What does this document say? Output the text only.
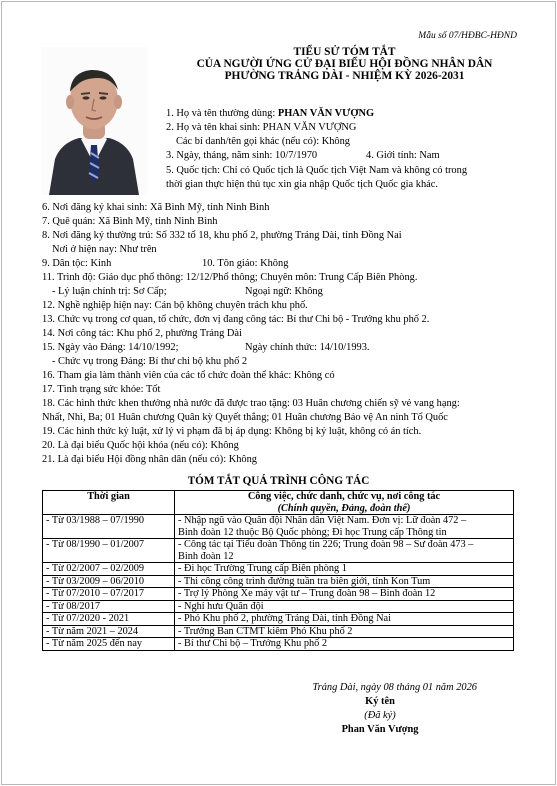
Mẫu số 07/HĐBC-HĐND
TIỂU SỬ TÓM TẮT
CỦA NGƯỜI ỨNG CỬ ĐẠI BIỂU HỘI ĐỒNG NHÂN DÂN
PHƯỜNG TRẢNG DÀI - NHIỆM KỲ 2026-2031
1. Họ và tên thường dùng: PHAN VĂN VƯỢNG
2. Họ và tên khai sinh: PHAN VĂN VƯỢNG
Các bí danh/tên gọi khác (nếu có): Không
3. Ngày, tháng, năm sinh: 10/7/1970	4. Giới tính: Nam
5. Quốc tịch: Chỉ có Quốc tịch là Quốc tịch Việt Nam và không có trong
thời gian thực hiện thủ tục xin gia nhập Quốc tịch Quốc gia khác.
6. Nơi đăng ký khai sinh: Xã Bình Mỹ, tỉnh Ninh Bình
7. Quê quán: Xã Bình Mỹ, tỉnh Ninh Bình
8. Nơi đăng ký thường trú: Số 332 tổ 18, khu phố 2, phường Trảng Dài, tỉnh Đồng Nai
Nơi ở hiện nay: Như trên
9. Dân tộc: Kinh	10. Tôn giáo: Không
11. Trình độ: Giáo dục phổ thông: 12/12/Phổ thông; Chuyên môn: Trung Cấp Biên Phòng.
- Lý luận chính trị: Sơ Cấp;	Ngoại ngữ: Không
12. Nghề nghiệp hiện nay: Cán bộ không chuyên trách khu phố.
13. Chức vụ trong cơ quan, tổ chức, đơn vị đang công tác: Bí thư Chi bộ - Trưởng khu phố 2.
14. Nơi công tác: Khu phố 2, phường Trảng Dài
15. Ngày vào Đảng: 14/10/1992;	Ngày chính thức: 14/10/1993.
- Chức vụ trong Đảng: Bí thư chi bộ khu phố 2
16. Tham gia làm thành viên của các tổ chức đoàn thể khác: Không có
17. Tình trạng sức khỏe: Tốt
18. Các hình thức khen thưởng nhà nước đã được trao tặng: 03 Huân chương chiến sỹ vẻ vang hạng:
Nhất, Nhì, Ba; 01 Huân chương Quân kỳ Quyết thắng; 01 Huân chương Bảo vệ An ninh Tổ Quốc
19. Các hình thức kỷ luật, xử lý vi phạm đã bị áp dụng: Không bị kỷ luật, không có án tích.
20. Là đại biểu Quốc hội khóa (nếu có): Không
21. Là đại biểu Hội đồng nhân dân (nếu có): Không
TÓM TẮT QUÁ TRÌNH CÔNG TÁC
Thời gian	Công việc, chức danh, chức vụ, nơi công tác
(Chính quyền, Đảng, đoàn thể)

- Từ 03/1988 – 07/1990	- Nhập ngũ vào Quân đội Nhân dân Việt Nam. Đơn vị: Lữ đoàn 472 –
Binh đoàn 12 thuộc Bộ Quốc phòng; Đi học Trung cấp Thông tin

- Từ 08/1990 – 01/2007	- Công tác tại Tiểu đoàn Thông tin 226; Trung đoàn 98 – Sư đoàn 473 –
Binh đoàn 12

- Từ 02/2007 – 02/2009	- Đi học Trường Trung cấp Biên phòng 1

- Từ 03/2009 – 06/2010	- Thi công công trình đường tuần tra biên giới, tỉnh Kon Tum

- Từ 07/2010 – 07/2017	- Trợ lý Phòng Xe máy vật tư – Trung đoàn 98 – Binh đoàn 12

- Từ 08/2017	- Nghỉ hưu Quân đội

- Từ 07/2020 - 2021	- Phó Khu phố 2, phường Trảng Dài, tỉnh Đồng Nai

- Từ năm 2021 – 2024	- Trưởng Ban CTMT kiêm Phó Khu phố 2

- Từ năm 2025 đến nay	- Bí thư Chi bộ – Trưởng Khu phố 2
Trảng Dài, ngày 08 tháng 01 năm 2026
Ký tên
(Đã ký)
Phan Văn Vượng
